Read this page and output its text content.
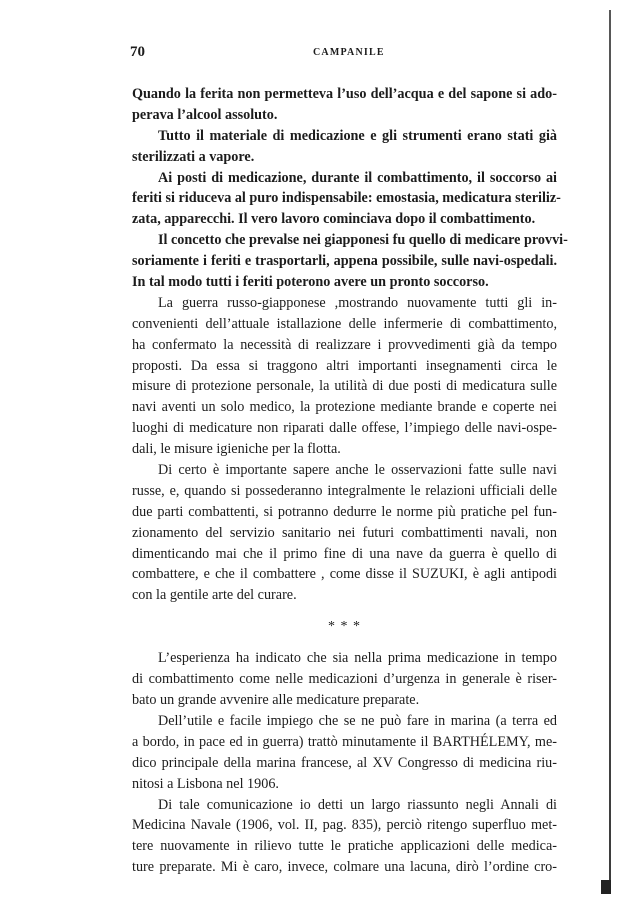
70	CAMPANILE
Quando la ferita non permetteva l’uso dell’acqua e del sapone si ado-
perava l’alcool assoluto.
Tutto il materiale di medicazione e gli strumenti erano stati già
sterilizzati a vapore.
Ai posti di medicazione, durante il combattimento, il soccorso ai
feriti si riduceva al puro indispensabile: emostasia, medicatura steriliz-
zata, apparecchi. Il vero lavoro cominciava dopo il combattimento.
Il concetto che prevalse nei giapponesi fu quello di medicare provvi-
soriamente i feriti e trasportarli, appena possibile, sulle navi-ospedali.
In tal modo tutti i feriti poterono avere un pronto soccorso.
La guerra russo-giapponese ,mostrando nuovamente tutti gli in-
convenienti dell’attuale istallazione delle infermerie di combattimento,
ha confermato la necessità di realizzare i provvedimenti già da tempo
proposti. Da essa si traggono altri importanti insegnamenti circa le
misure di protezione personale, la utilità di due posti di medicatura sulle
navi aventi un solo medico, la protezione mediante brande e coperte nei
luoghi di medicature non riparati dalle offese, l’impiego delle navi-ospe-
dali, le misure igieniche per la flotta.
Di certo è importante sapere anche le osservazioni fatte sulle navi
russe, e, quando si possederanno integralmente le relazioni ufficiali delle
due parti combattenti, si potranno dedurre le norme più pratiche pel fun-
zionamento del servizio sanitario nei futuri combattimenti navali, non
dimenticando mai che il primo fine di una nave da guerra è quello di
combattere, e che il combattere , come disse il SUZUKI, è agli antipodi
con la gentile arte del curare.
* * *
L’esperienza ha indicato che sia nella prima medicazione in tempo
di combattimento come nelle medicazioni d’urgenza in generale è riser-
bato un grande avvenire alle medicature preparate.
Dell’utile e facile impiego che se ne può fare in marina (a terra ed
a bordo, in pace ed in guerra) trattò minutamente il BARTHÉLEMY, me-
dico principale della marina francese, al XV Congresso di medicina riu-
nitosi a Lisbona nel 1906.
Di tale comunicazione io detti un largo riassunto negli Annali di
Medicina Navale (1906, vol. II, pag. 835), perciò ritengo superfluo met-
tere nuovamente in rilievo tutte le pratiche applicazioni delle medica-
ture preparate. Mi è caro, invece, colmare una lacuna, dirò l’ordine cro-
